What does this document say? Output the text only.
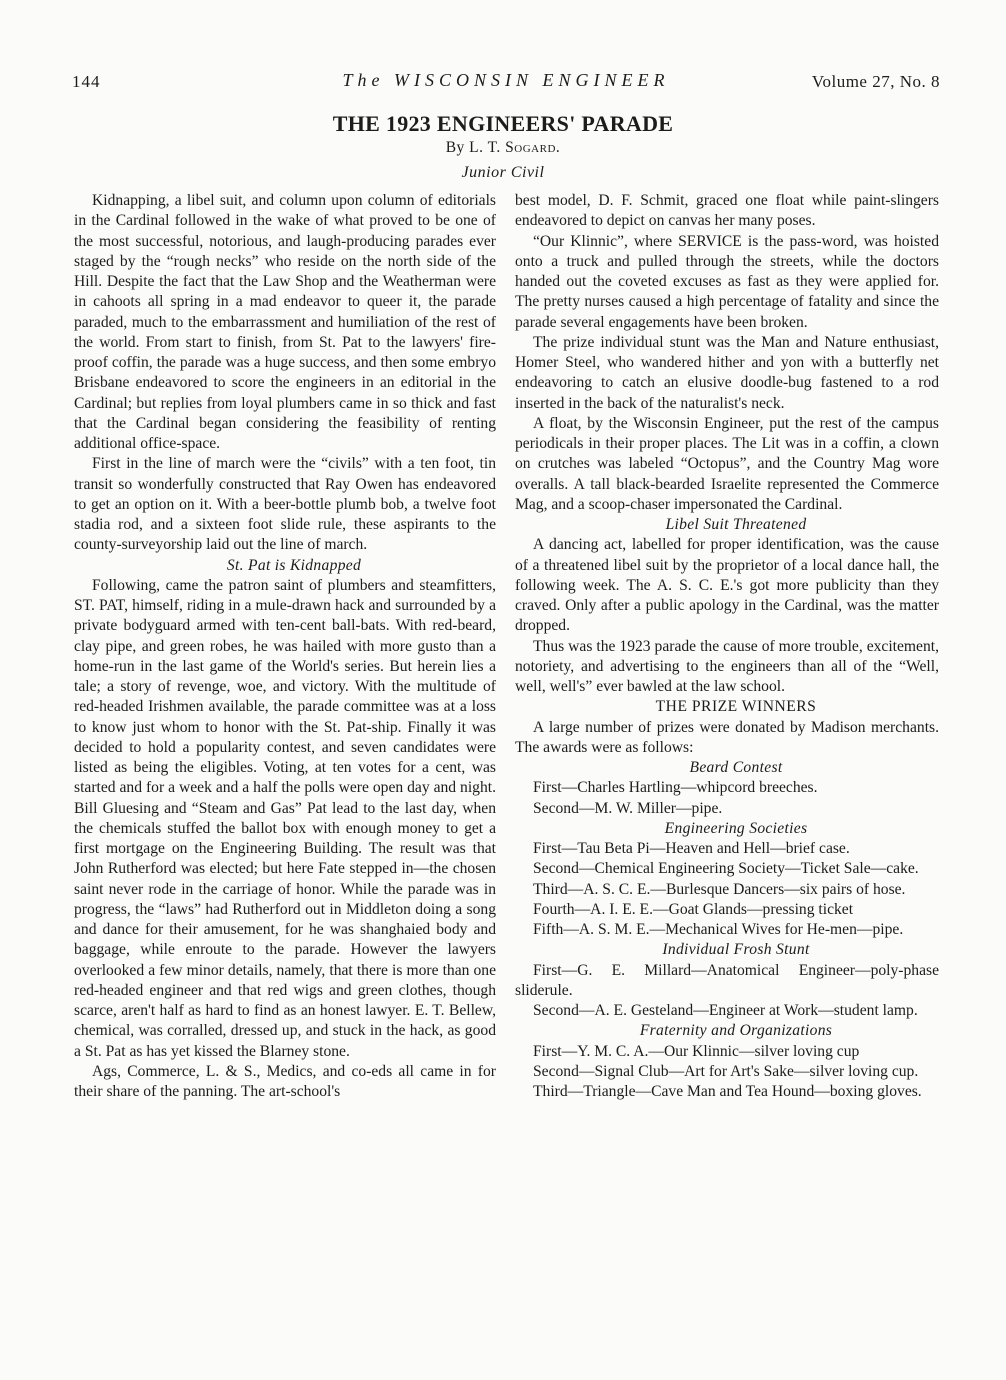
144	The WISCONSIN ENGINEER	Volume 27, No. 8
THE 1923 ENGINEERS' PARADE
By L. T. Sogard.
Junior Civil

Kidnapping, a libel suit, and column upon column of editorials in the Cardinal followed in the wake of what proved to be one of the most successful, notorious, and laugh-producing parades ever staged by the “rough necks” who reside on the north side of the Hill. Despite the fact that the Law Shop and the Weatherman were in cahoots all spring in a mad endeavor to queer it, the parade paraded, much to the embarrassment and humiliation of the rest of the world. From start to finish, from St. Pat to the lawyers' fire-proof coffin, the parade was a huge success, and then some embryo Brisbane endeavored to score the engineers in an editorial in the Cardinal; but replies from loyal plumbers came in so thick and fast that the Cardinal began considering the feasibility of renting additional office-space.

First in the line of march were the “civils” with a ten foot, tin transit so wonderfully constructed that Ray Owen has endeavored to get an option on it. With a beer-bottle plumb bob, a twelve foot stadia rod, and a sixteen foot slide rule, these aspirants to the county-surveyorship laid out the line of march.

St. Pat is Kidnapped

Following, came the patron saint of plumbers and steamfitters, ST. PAT, himself, riding in a mule-drawn hack and surrounded by a private bodyguard armed with ten-cent ball-bats. With red-beard, clay pipe, and green robes, he was hailed with more gusto than a home-run in the last game of the World's series. But herein lies a tale; a story of revenge, woe, and victory. With the multitude of red-headed Irishmen available, the parade committee was at a loss to know just whom to honor with the St. Pat-ship. Finally it was decided to hold a popularity contest, and seven candidates were listed as being the eligibles. Voting, at ten votes for a cent, was started and for a week and a half the polls were open day and night. Bill Gluesing and “Steam and Gas” Pat lead to the last day, when the chemicals stuffed the ballot box with enough money to get a first mortgage on the Engineering Building. The result was that John Rutherford was elected; but here Fate stepped in—the chosen saint never rode in the carriage of honor. While the parade was in progress, the “laws” had Rutherford out in Middleton doing a song and dance for their amusement, for he was shanghaied body and baggage, while enroute to the parade. However the lawyers overlooked a few minor details, namely, that there is more than one red-headed engineer and that red wigs and green clothes, though scarce, aren't half as hard to find as an honest lawyer. E. T. Bellew, chemical, was corralled, dressed up, and stuck in the hack, as good a St. Pat as has yet kissed the Blarney stone.

Ags, Commerce, L. & S., Medics, and co-eds all came in for their share of the panning. The art-school's

best model, D. F. Schmit, graced one float while paint-slingers endeavored to depict on canvas her many poses.

“Our Klinnic”, where SERVICE is the pass-word, was hoisted onto a truck and pulled through the streets, while the doctors handed out the coveted excuses as fast as they were applied for. The pretty nurses caused a high percentage of fatality and since the parade several engagements have been broken.

The prize individual stunt was the Man and Nature enthusiast, Homer Steel, who wandered hither and yon with a butterfly net endeavoring to catch an elusive doodle-bug fastened to a rod inserted in the back of the naturalist's neck.

A float, by the Wisconsin Engineer, put the rest of the campus periodicals in their proper places. The Lit was in a coffin, a clown on crutches was labeled “Octopus”, and the Country Mag wore overalls. A tall black-bearded Israelite represented the Commerce Mag, and a scoop-chaser impersonated the Cardinal.

Libel Suit Threatened

A dancing act, labelled for proper identification, was the cause of a threatened libel suit by the proprietor of a local dance hall, the following week. The A. S. C. E.'s got more publicity than they craved. Only after a public apology in the Cardinal, was the matter dropped.

Thus was the 1923 parade the cause of more trouble, excitement, notoriety, and advertising to the engineers than all of the “Well, well, well's” ever bawled at the law school.

THE PRIZE WINNERS

A large number of prizes were donated by Madison merchants. The awards were as follows:

Beard Contest

First—Charles Hartling—whipcord breeches.

Second—M. W. Miller—pipe.

Engineering Societies

First—Tau Beta Pi—Heaven and Hell—brief case.

Second—Chemical Engineering Society—Ticket Sale—cake.

Third—A. S. C. E.—Burlesque Dancers—six pairs of hose.

Fourth—A. I. E. E.—Goat Glands—pressing ticket

Fifth—A. S. M. E.—Mechanical Wives for He-men—pipe.

Individual Frosh Stunt

First—G. E. Millard—Anatomical Engineer—poly-phase sliderule.

Second—A. E. Gesteland—Engineer at Work—student lamp.

Fraternity and Organizations

First—Y. M. C. A.—Our Klinnic—silver loving cup

Second—Signal Club—Art for Art's Sake—silver loving cup.

Third—Triangle—Cave Man and Tea Hound—boxing gloves.
